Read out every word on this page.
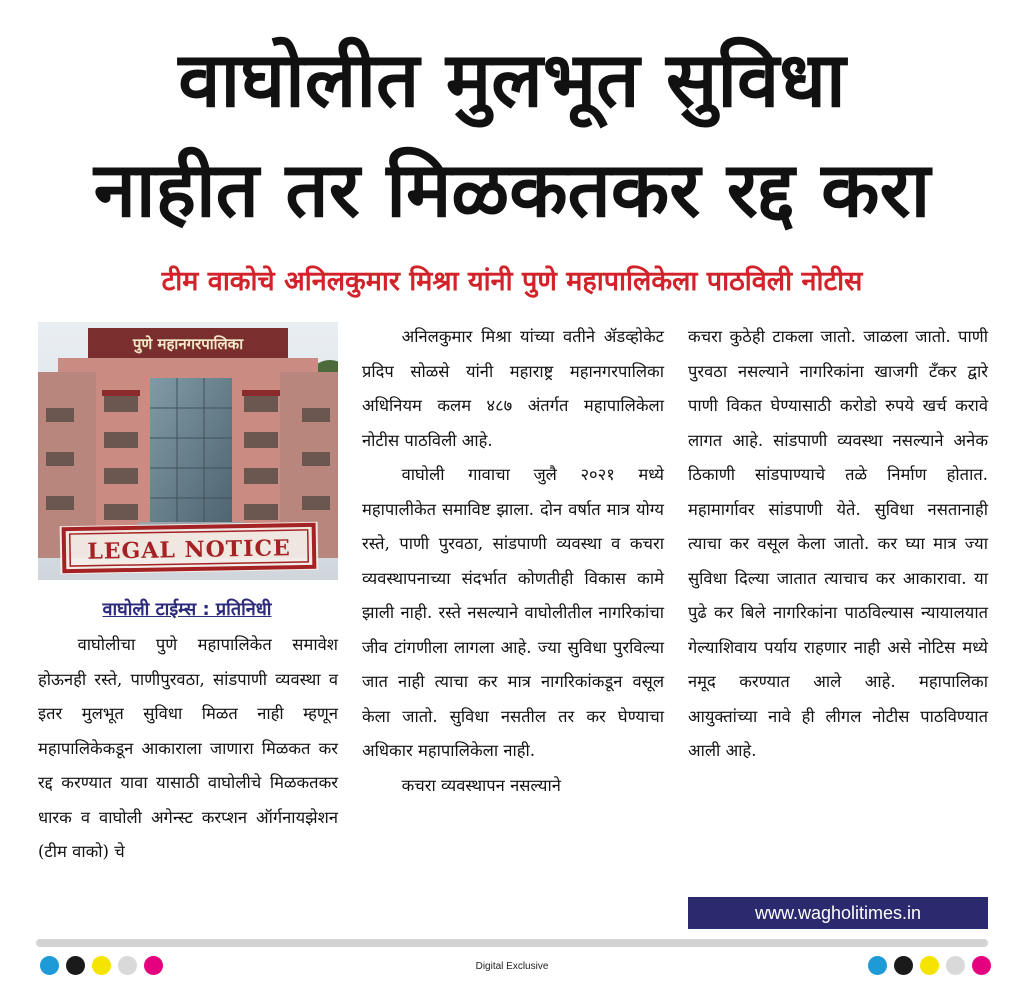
वाघोलीत मुलभूत सुविधा
नाहीत तर मिळकतकर रद्द करा
टीम वाकोचे अनिलकुमार मिश्रा यांनी पुणे महापालिकेला पाठविली नोटीस
पुणे महानगरपालिका
LEGAL NOTICE
वाघोली टाईम्स : प्रतिनिधी

वाघोलीचा पुणे महापालिकेत समावेश होऊनही रस्ते, पाणीपुरवठा, सांडपाणी व्यवस्था व इतर मुलभूत सुविधा मिळत नाही म्हणून महापालिकेकडून आकाराला जाणारा मिळकत कर रद्द करण्यात यावा यासाठी वाघोलीचे मिळकतकर धारक व वाघोली अगेन्स्ट करप्शन ऑर्गनायझेशन (टीम वाको) चे

अनिलकुमार मिश्रा यांच्या वतीने ॲडव्होकेट प्रदिप सोळसे यांनी महाराष्ट्र महानगरपालिका अधिनियम कलम ४८७ अंतर्गत महापालिकेला नोटीस पाठविली आहे.

वाघोली गावाचा जुलै २०२१ मध्ये महापालीकेत समाविष्ट झाला. दोन वर्षात मात्र योग्य रस्ते, पाणी पुरवठा, सांडपाणी व्यवस्था व कचरा व्यवस्थापनाच्या संदर्भात कोणतीही विकास कामे झाली नाही. रस्ते नसल्याने वाघोलीतील नागरिकांचा जीव टांगणीला लागला आहे. ज्या सुविधा पुरविल्या जात नाही त्याचा कर मात्र नागरिकांकडून वसूल केला जातो. सुविधा नसतील तर कर घेण्याचा अधिकार महापालिकेला नाही.

कचरा व्यवस्थापन नसल्याने

कचरा कुठेही टाकला जातो. जाळला जातो. पाणी पुरवठा नसल्याने नागरिकांना खाजगी टँकर द्वारे पाणी विकत घेण्यासाठी करोडो रुपये खर्च करावे लागत आहे. सांडपाणी व्यवस्था नसल्याने अनेक ठिकाणी सांडपाण्याचे तळे निर्माण होतात. महामार्गावर सांडपाणी येते. सुविधा नसतानाही त्याचा कर वसूल केला जातो. कर घ्या मात्र ज्या सुविधा दिल्या जातात त्याचाच कर आकारावा. या पुढे कर बिले नागरिकांना पाठविल्यास न्यायालयात गेल्याशिवाय पर्याय राहणार नाही असे नोटिस मध्ये नमूद करण्यात आले आहे. महापालिका आयुक्तांच्या नावे ही लीगल नोटीस पाठविण्यात आली आहे.

www.wagholitimes.in
Digital Exclusive
